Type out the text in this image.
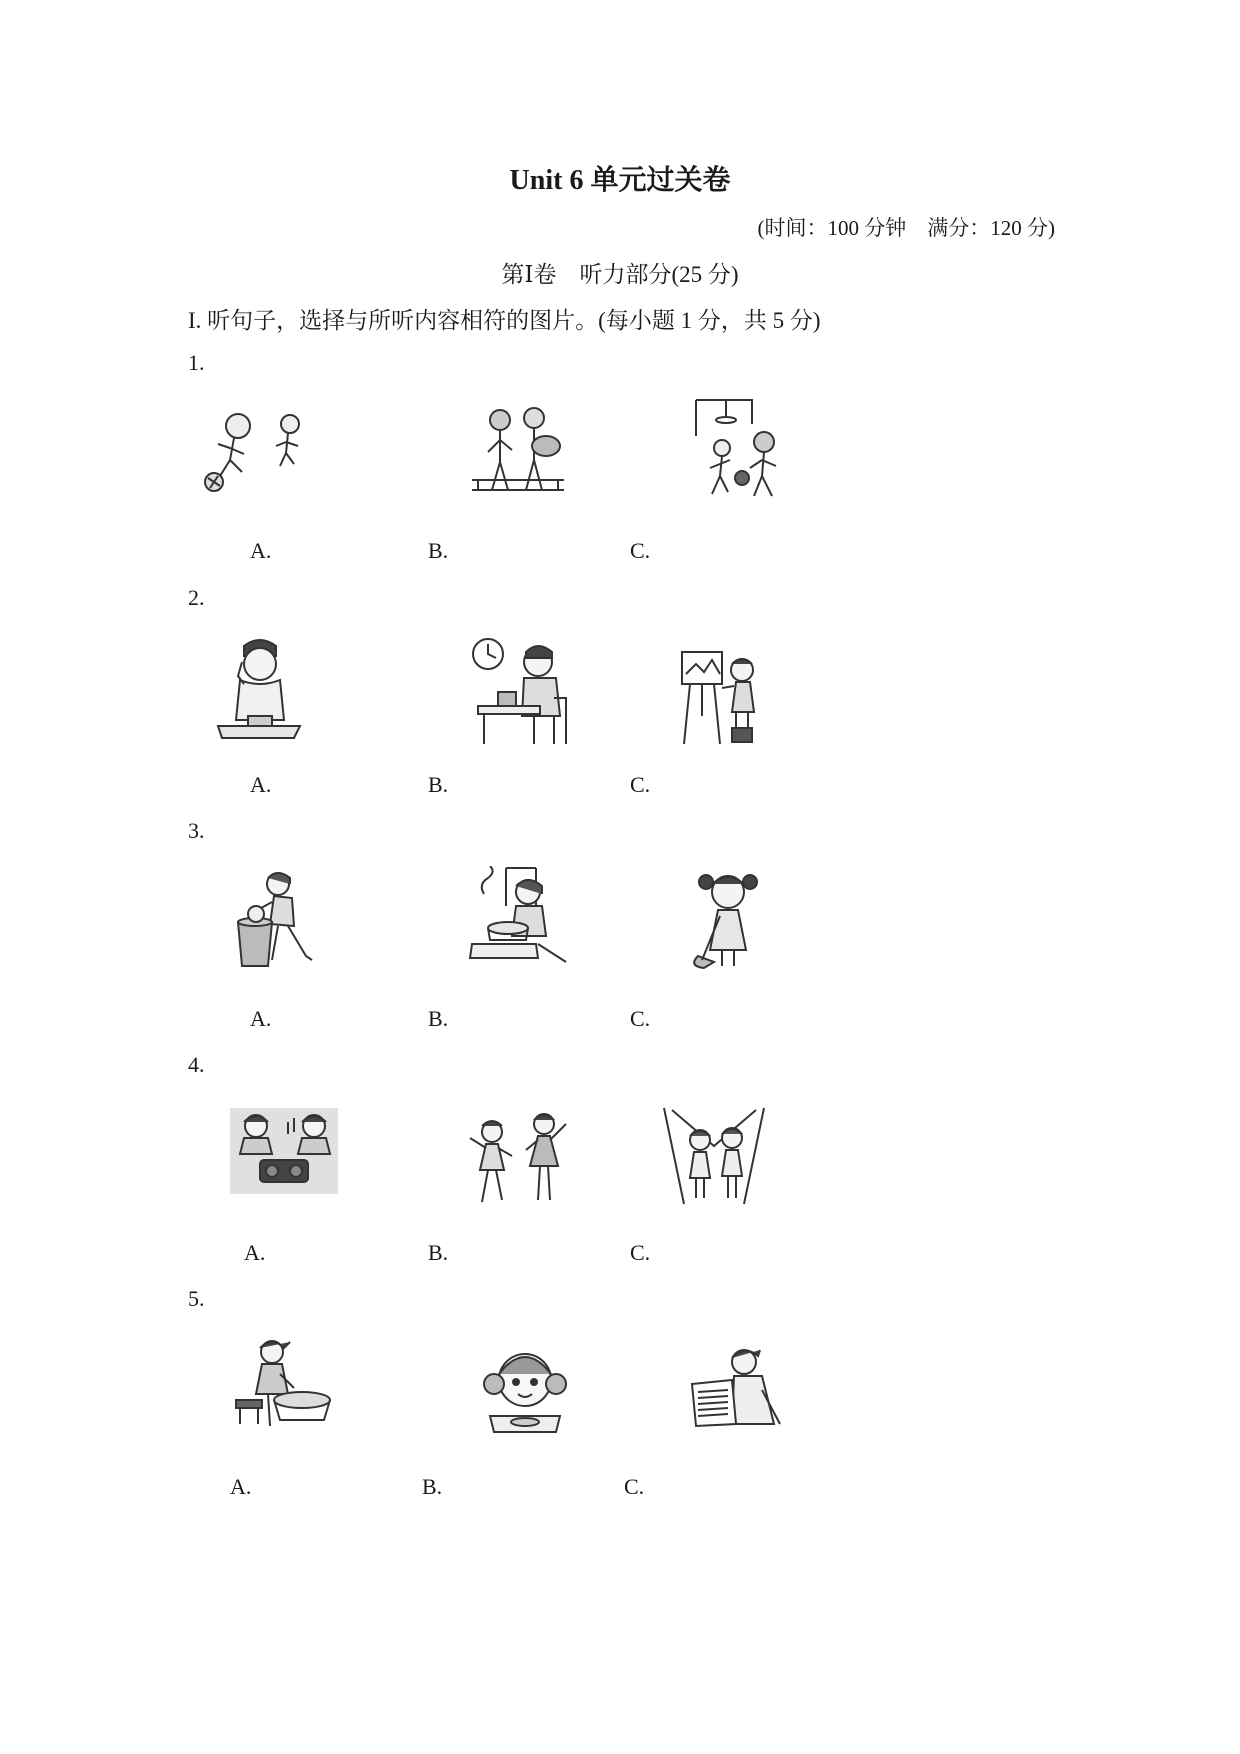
Unit 6 单元过关卷
(时间：100 分钟　满分：120 分)
第Ⅰ卷　听力部分(25 分)
I. 听句子，选择与所听内容相符的图片。(每小题 1 分，共 5 分)
1.
A.	B.	C.
2.
A.	B.	C.
3.
A.	B.	C.
4.
A.	B.	C.
5.
A.	B.	C.
